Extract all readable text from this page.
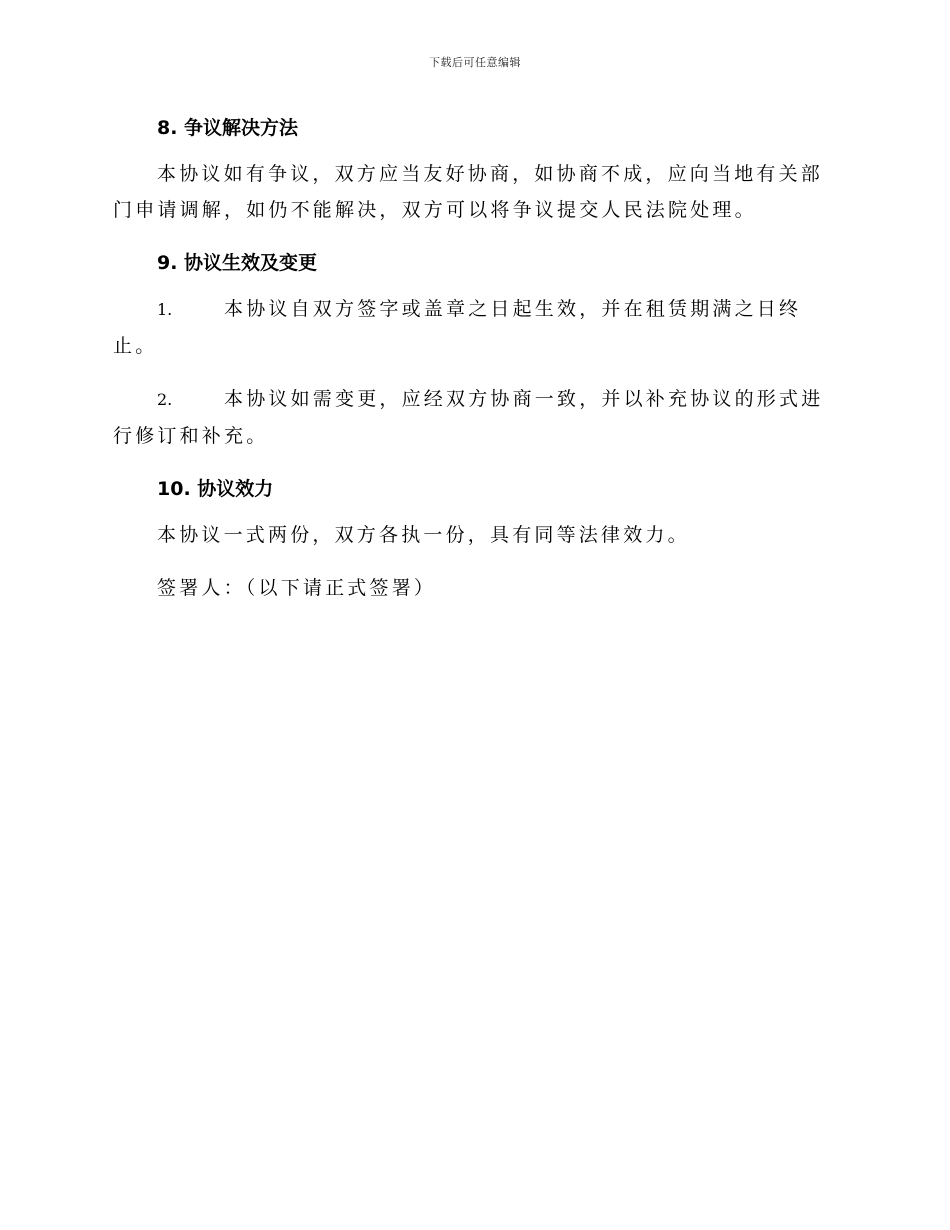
下载后可任意编辑
8. 争议解决方法

本协议如有争议，双方应当友好协商，如协商不成，应向当地有关部门申请调解，如仍不能解决，双方可以将争议提交人民法院处理。

9. 协议生效及变更

1.	本协议自双方签字或盖章之日起生效，并在租赁期满之日终止。

2.	本协议如需变更，应经双方协商一致，并以补充协议的形式进行修订和补充。

10. 协议效力

本协议一式两份，双方各执一份，具有同等法律效力。

签署人：（以下请正式签署）
